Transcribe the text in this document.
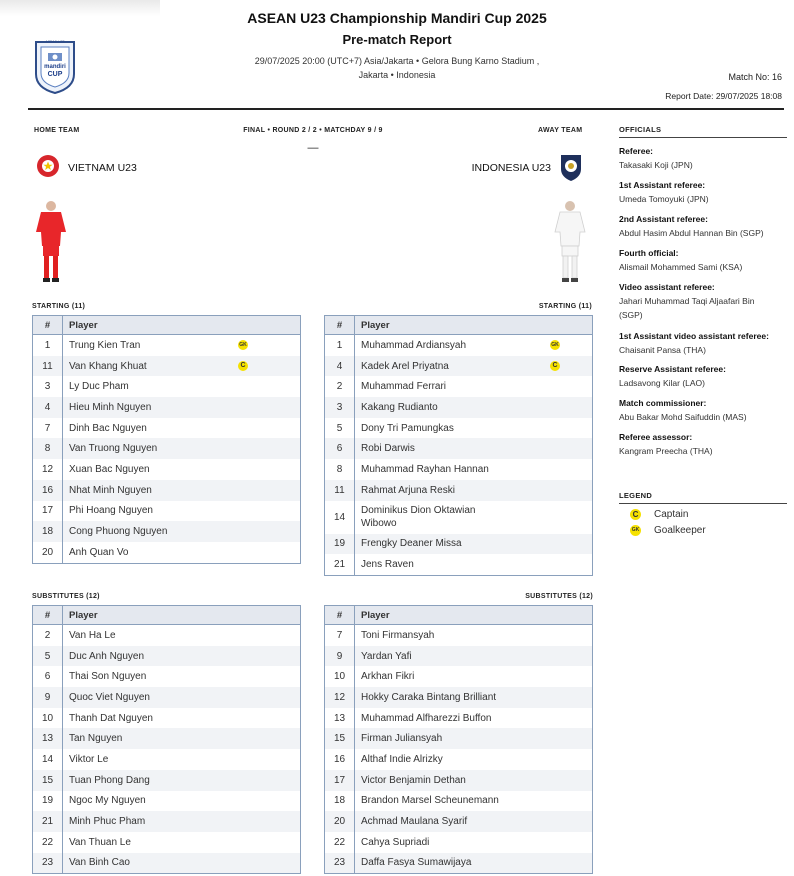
ASEAN U23
mandiri
CUP
ASEAN U23 Championship Mandiri Cup 2025
Pre-match Report
29/07/2025 20:00 (UTC+7) Asia/Jakarta • Gelora Bung Karno Stadium ,
Jakarta • Indonesia	Match No: 16
Report Date: 29/07/2025 18:08
HOME TEAM	FINAL • ROUND 2 / 2 • MATCHDAY 9 / 9	AWAY TEAM
—
VIETNAM U23	INDONESIA U23
OFFICIALS
Referee:
Takasaki Koji (JPN)
1st Assistant referee:
Umeda Tomoyuki (JPN)
2nd Assistant referee:
Abdul Hasim Abdul Hannan Bin (SGP)
Fourth official:
Alismail Mohammed Sami (KSA)
Video assistant referee:
Jahari Muhammad Taqi Aljaafari Bin
(SGP)
1st Assistant video assistant referee:
Chaisanit Pansa (THA)
Reserve Assistant referee:
Ladsavong Kilar (LAO)
Match commissioner:
Abu Bakar Mohd Saifuddin (MAS)
Referee assessor:
Kangram Preecha (THA)
LEGEND
C Captain
GK Goalkeeper
STARTING (11)	STARTING (11)
SUBSTITUTES (12)	SUBSTITUTES (12)
#	Player
1	Trung Kien Tran GK

11	Van Khang Khuat C

3	Ly Duc Pham
4	Hieu Minh Nguyen
7	Dinh Bac Nguyen
8	Van Truong Nguyen
12	Xuan Bac Nguyen
16	Nhat Minh Nguyen
17	Phi Hoang Nguyen
18	Cong Phuong Nguyen
20	Anh Quan Vo
#	Player
1	Muhammad Ardiansyah GK

4	Kadek Arel Priyatna C

2	Muhammad Ferrari
3	Kakang Rudianto
5	Dony Tri Pamungkas
6	Robi Darwis
8	Muhammad Rayhan Hannan
11	Rahmat Arjuna Reski
14	Dominikus Dion Oktawian
Wibowo

19	Frengky Deaner Missa
21	Jens Raven
#	Player
2	Van Ha Le
5	Duc Anh Nguyen
6	Thai Son Nguyen
9	Quoc Viet Nguyen
10	Thanh Dat Nguyen
13	Tan Nguyen
14	Viktor Le
15	Tuan Phong Dang
19	Ngoc My Nguyen
21	Minh Phuc Pham
22	Van Thuan Le
23	Van Binh Cao
#	Player
7	Toni Firmansyah
9	Yardan Yafi
10	Arkhan Fikri
12	Hokky Caraka Bintang Brilliant
13	Muhammad Alfharezzi Buffon
15	Firman Juliansyah
16	Althaf Indie Alrizky
17	Victor Benjamin Dethan
18	Brandon Marsel Scheunemann
20	Achmad Maulana Syarif
22	Cahya Supriadi
23	Daffa Fasya Sumawijaya
